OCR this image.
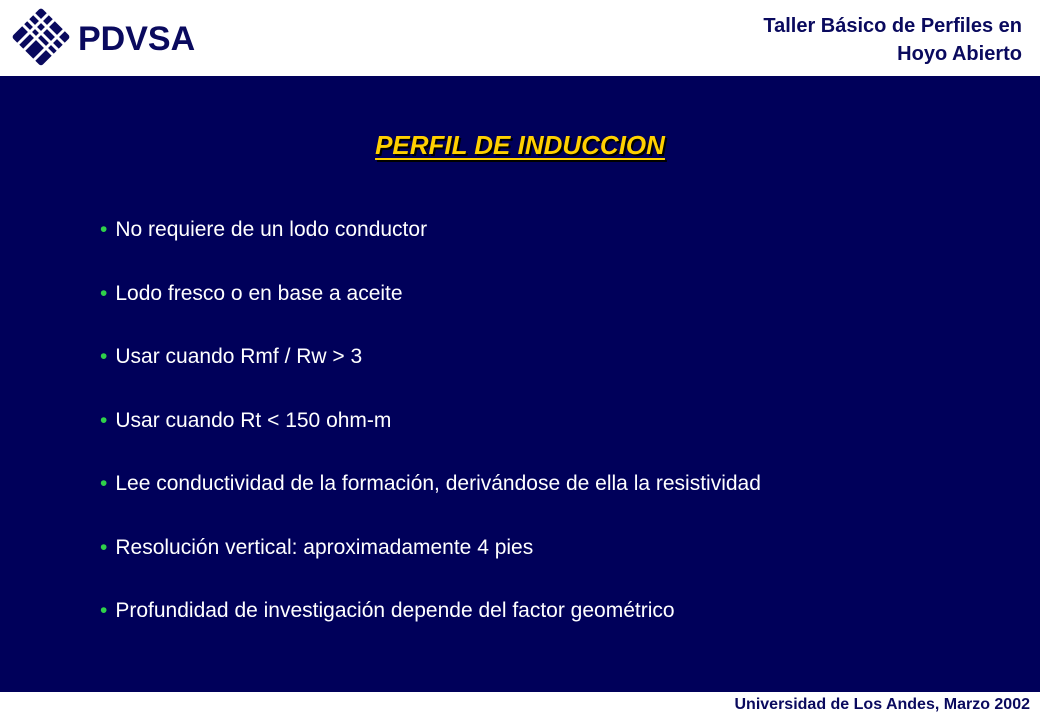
PDVSA	Taller Básico de Perfiles en
Hoyo Abierto
PERFIL DE INDUCCION
• No requiere de un lodo conductor
• Lodo fresco o en base a aceite
• Usar cuando Rmf / Rw > 3
• Usar cuando Rt < 150 ohm-m
• Lee conductividad de la formación, derivándose de ella la resistividad
• Resolución vertical: aproximadamente 4 pies
• Profundidad de investigación depende del factor geométrico
Universidad de Los Andes, Marzo 2002
